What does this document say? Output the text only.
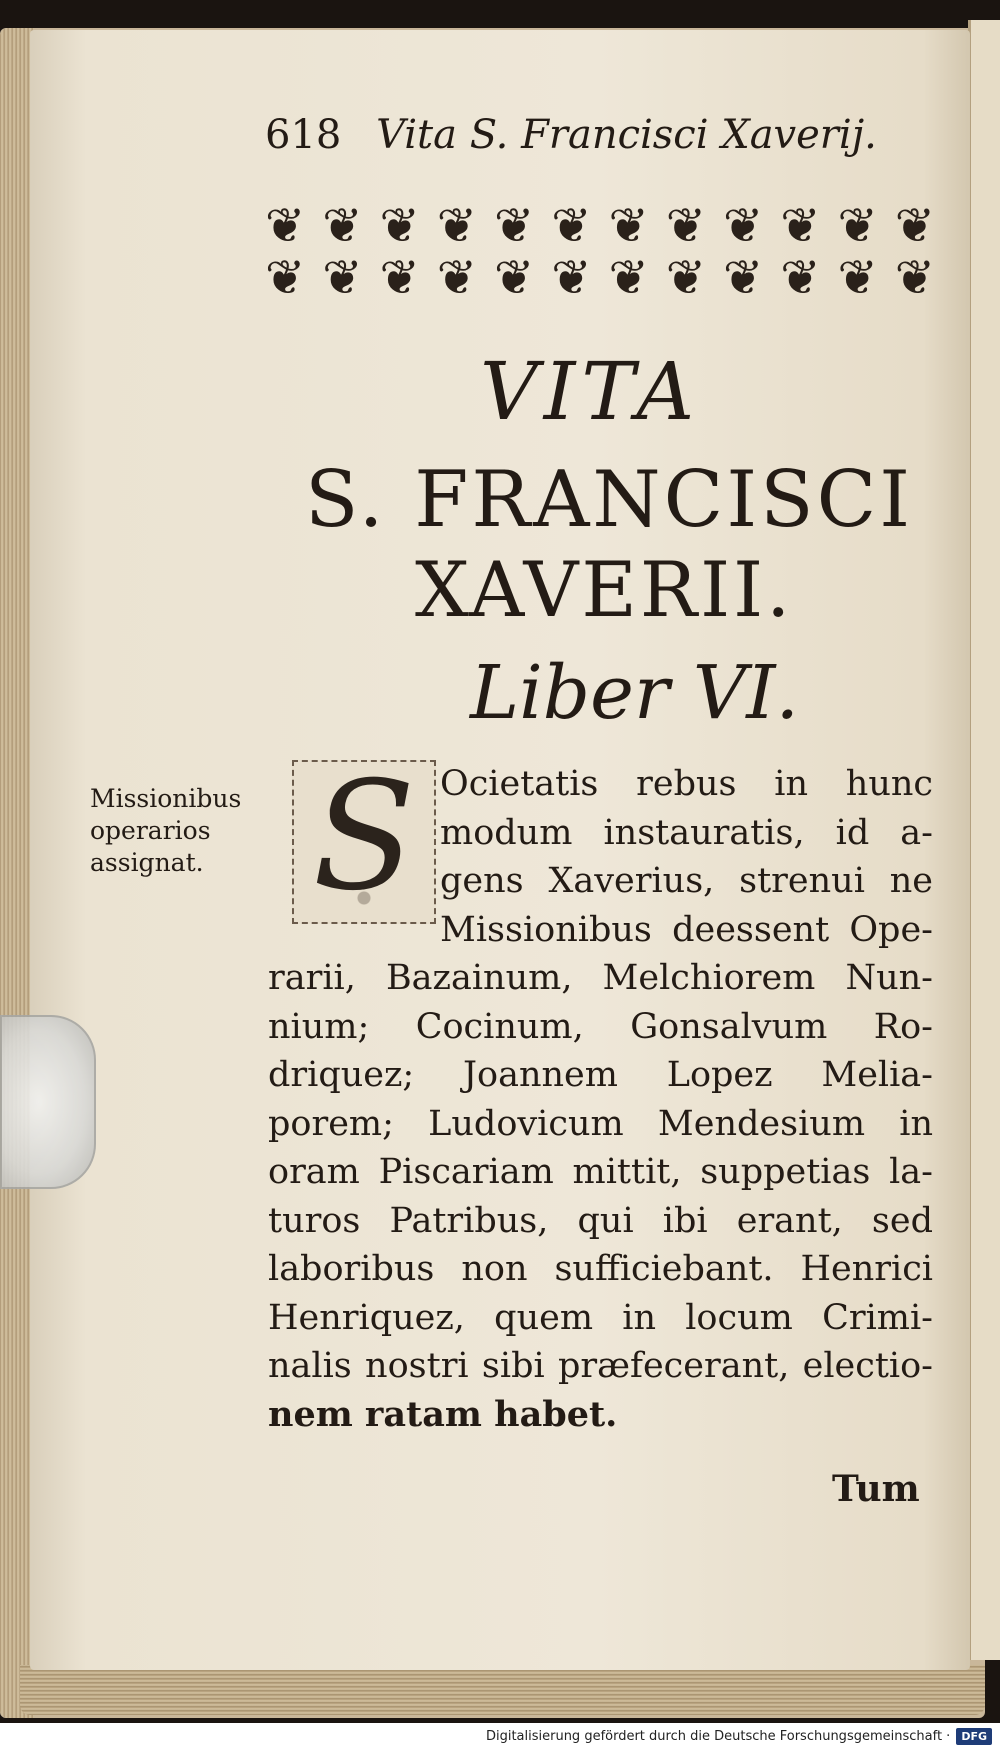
618 Vita S. Francisci Xaverij.
❦ ❦ ❦ ❦ ❦ ❦ ❦ ❦ ❦ ❦ ❦ ❦
❦ ❦ ❦ ❦ ❦ ❦ ❦ ❦ ❦ ❦ ❦ ❦
VITA
S. FRANCISCI
XAVERII.
Liber VI.
Missionibus
operarios
assignat. S Ocietatis rebus in hunc
modum instauratis, id a-
gens Xaverius, strenui ne
Missionibus deessent Ope-
rarii, Bazainum, Melchiorem Nun-
nium; Cocinum, Gonsalvum Ro-
driquez; Joannem Lopez Melia-
porem; Ludovicum Mendesium in
oram Piscariam mittit, suppetias la-
turos Patribus, qui ibi erant, sed
laboribus non sufficiebant. Henrici
Henriquez, quem in locum Crimi-
nalis nostri sibi præfecerant, electio-
nem ratam habet.
Tum
Digitalisierung gefördert durch die Deutsche Forschungsgemeinschaft ·	DFG
